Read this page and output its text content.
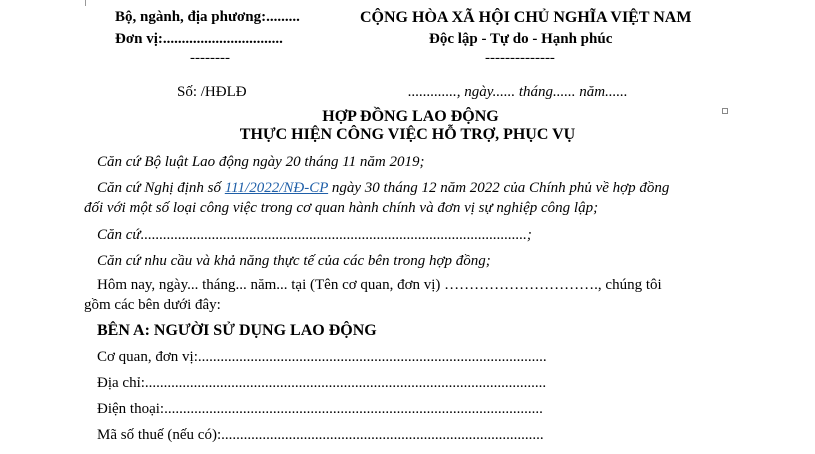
Bộ, ngành, địa phương:.........
Đơn vị:................................
--------
CỘNG HÒA XÃ HỘI CHỦ NGHĨA VIỆT NAM
Độc lập - Tự do - Hạnh phúc
--------------
Số: /HĐLĐ	............., ngày...... tháng...... năm......
HỢP ĐỒNG LAO ĐỘNG
THỰC HIỆN CÔNG VIỆC HỖ TRỢ, PHỤC VỤ
Căn cứ Bộ luật Lao động ngày 20 tháng 11 năm 2019;
Căn cứ Nghị định số 111/2022/NĐ-CP ngày 30 tháng 12 năm 2022 của Chính phủ về hợp đồng
đối với một số loại công việc trong cơ quan hành chính và đơn vị sự nghiệp công lập;
Căn cứ.......................................................................................................;
Căn cứ nhu cầu và khả năng thực tế của các bên trong hợp đồng;
Hôm nay, ngày... tháng... năm... tại (Tên cơ quan, đơn vị) …………………………., chúng tôi
gồm các bên dưới đây:
BÊN A: NGƯỜI SỬ DỤNG LAO ĐỘNG
Cơ quan, đơn vị:.............................................................................................
Địa chỉ:...........................................................................................................
Điện thoại:.....................................................................................................
Mã số thuế (nếu có):......................................................................................
